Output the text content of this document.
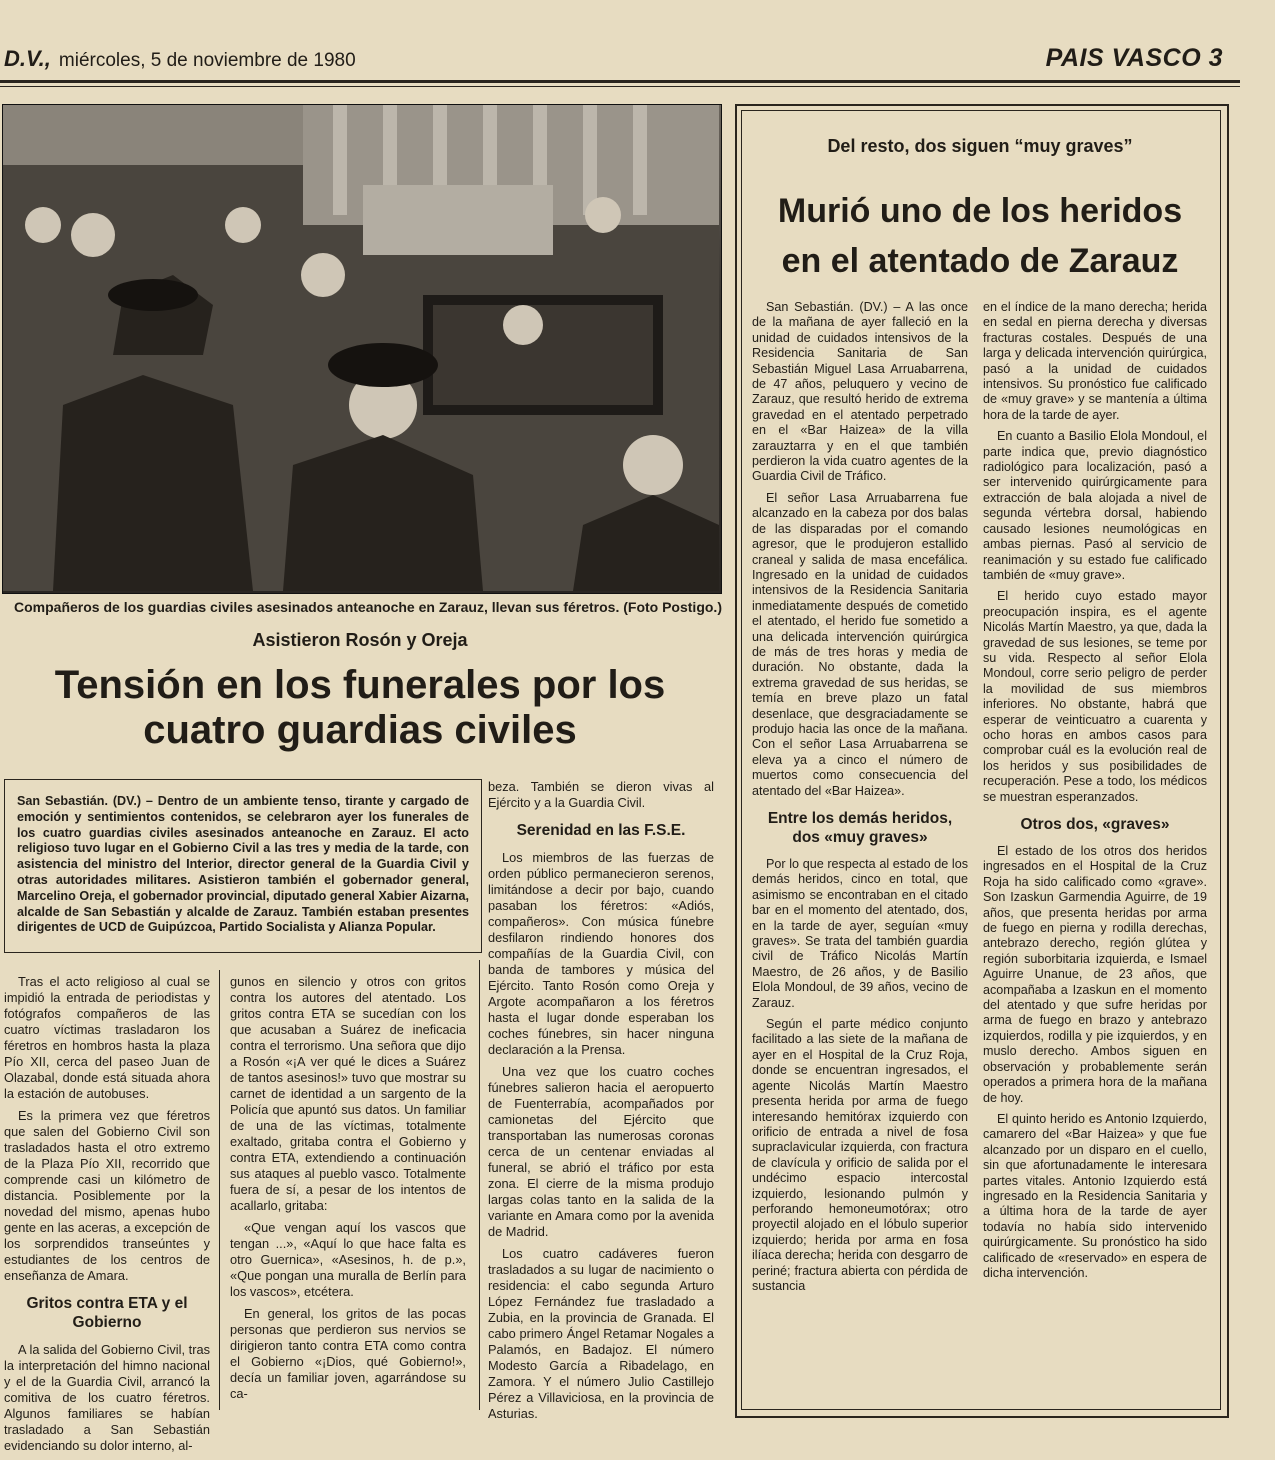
D.V., miércoles, 5 de noviembre de 1980	PAIS VASCO 3
Compañeros de los guardias civiles asesinados anteanoche en Zarauz, llevan sus féretros. (Foto Postigo.)
Asistieron Rosón y Oreja
Tensión en los funerales por los
cuatro guardias civiles
San Sebastián. (DV.) – Dentro de un ambiente tenso, tirante y cargado de emoción y sentimientos contenidos, se celebraron ayer los funerales de los cuatro guardias civiles asesinados anteanoche en Zarauz. El acto religioso tuvo lugar en el Gobierno Civil a las tres y media de la tarde, con asistencia del ministro del Interior, director general de la Guardia Civil y otras autoridades militares. Asistieron también el gobernador general, Marcelino Oreja, el gobernador provincial, diputado general Xabier Aizarna, alcalde de San Sebastián y alcalde de Zarauz. También estaban presentes dirigentes de UCD de Guipúzcoa, Partido Socialista y Alianza Popular.

Tras el acto religioso al cual se impidió la entrada de periodistas y fotógrafos compañeros de las cuatro víctimas trasladaron los féretros en hombros hasta la plaza Pío XII, cerca del paseo Juan de Olazabal, donde está situada ahora la estación de autobuses.

Es la primera vez que féretros que salen del Gobierno Civil son trasladados hasta el otro extremo de la Plaza Pío XII, recorrido que comprende casi un kilómetro de distancia. Posiblemente por la novedad del mismo, apenas hubo gente en las aceras, a excepción de los sorprendidos transeúntes y estudiantes de los centros de enseñanza de Amara.

Gritos contra ETA y el Gobierno

A la salida del Gobierno Civil, tras la interpretación del himno nacional y el de la Guardia Civil, arrancó la comitiva de los cuatro féretros. Algunos familiares se habían trasladado a San Sebastián evidenciando su dolor interno, al-

gunos en silencio y otros con gritos contra los autores del atentado. Los gritos contra ETA se sucedían con los que acusaban a Suárez de ineficacia contra el terrorismo. Una señora que dijo a Rosón «¡A ver qué le dices a Suárez de tantos asesinos!» tuvo que mostrar su carnet de identidad a un sargento de la Policía que apuntó sus datos. Un familiar de una de las víctimas, totalmente exaltado, gritaba contra el Gobierno y contra ETA, extendiendo a continuación sus ataques al pueblo vasco. Totalmente fuera de sí, a pesar de los intentos de acallarlo, gritaba:

«Que vengan aquí los vascos que tengan ...», «Aquí lo que hace falta es otro Guernica», «Asesinos, h. de p.», «Que pongan una muralla de Berlín para los vascos», etcétera.

En general, los gritos de las pocas personas que perdieron sus nervios se dirigieron tanto contra ETA como contra el Gobierno «¡Dios, qué Gobierno!», decía un familiar joven, agarrándose su ca-

beza. También se dieron vivas al Ejército y a la Guardia Civil.

Serenidad en las F.S.E.

Los miembros de las fuerzas de orden público permanecieron serenos, limitándose a decir por bajo, cuando pasaban los féretros: «Adiós, compañeros». Con música fúnebre desfilaron rindiendo honores dos compañías de la Guardia Civil, con banda de tambores y música del Ejército. Tanto Rosón como Oreja y Argote acompañaron a los féretros hasta el lugar donde esperaban los coches fúnebres, sin hacer ninguna declaración a la Prensa.

Una vez que los cuatro coches fúnebres salieron hacia el aeropuerto de Fuenterrabía, acompañados por camionetas del Ejército que transportaban las numerosas coronas cerca de un centenar enviadas al funeral, se abrió el tráfico por esta zona. El cierre de la misma produjo largas colas tanto en la salida de la variante en Amara como por la avenida de Madrid.

Los cuatro cadáveres fueron trasladados a su lugar de nacimiento o residencia: el cabo segunda Arturo López Fernández fue trasladado a Zubia, en la provincia de Granada. El cabo primero Ángel Retamar Nogales a Palamós, en Badajoz. El número Modesto García a Ribadelago, en Zamora. Y el número Julio Castillejo Pérez a Villaviciosa, en la provincia de Asturias.

Del resto, dos siguen “muy graves”
Murió uno de los heridos
en el atentado de Zarauz

San Sebastián. (DV.) – A las once de la mañana de ayer falleció en la unidad de cuidados intensivos de la Residencia Sanitaria de San Sebastián Miguel Lasa Arruabarrena, de 47 años, peluquero y vecino de Zarauz, que resultó herido de extrema gravedad en el atentado perpetrado en el «Bar Haizea» de la villa zarauztarra y en el que también perdieron la vida cuatro agentes de la Guardia Civil de Tráfico.

El señor Lasa Arruabarrena fue alcanzado en la cabeza por dos balas de las disparadas por el comando agresor, que le produjeron estallido craneal y salida de masa encefálica. Ingresado en la unidad de cuidados intensivos de la Residencia Sanitaria inmediatamente después de cometido el atentado, el herido fue sometido a una delicada intervención quirúrgica de más de tres horas y media de duración. No obstante, dada la extrema gravedad de sus heridas, se temía en breve plazo un fatal desenlace, que desgraciadamente se produjo hacia las once de la mañana. Con el señor Lasa Arruabarrena se eleva ya a cinco el número de muertos como consecuencia del atentado del «Bar Haizea».

Entre los demás heridos, dos «muy graves»

Por lo que respecta al estado de los demás heridos, cinco en total, que asimismo se encontraban en el citado bar en el momento del atentado, dos, en la tarde de ayer, seguían «muy graves». Se trata del también guardia civil de Tráfico Nicolás Martín Maestro, de 26 años, y de Basilio Elola Mondoul, de 39 años, vecino de Zarauz.

Según el parte médico conjunto facilitado a las siete de la mañana de ayer en el Hospital de la Cruz Roja, donde se encuentran ingresados, el agente Nicolás Martín Maestro presenta herida por arma de fuego interesando hemitórax izquierdo con orificio de entrada a nivel de fosa supraclavicular izquierda, con fractura de clavícula y orificio de salida por el undécimo espacio intercostal izquierdo, lesionando pulmón y perforando hemoneumotórax; otro proyectil alojado en el lóbulo superior izquierdo; herida por arma en fosa ilíaca derecha; herida con desgarro de periné; fractura abierta con pérdida de sustancia

en el índice de la mano derecha; herida en sedal en pierna derecha y diversas fracturas costales. Después de una larga y delicada intervención quirúrgica, pasó a la unidad de cuidados intensivos. Su pronóstico fue calificado de «muy grave» y se mantenía a última hora de la tarde de ayer.

En cuanto a Basilio Elola Mondoul, el parte indica que, previo diagnóstico radiológico para localización, pasó a ser intervenido quirúrgicamente para extracción de bala alojada a nivel de segunda vértebra dorsal, habiendo causado lesiones neumológicas en ambas piernas. Pasó al servicio de reanimación y su estado fue calificado también de «muy grave».

El herido cuyo estado mayor preocupación inspira, es el agente Nicolás Martín Maestro, ya que, dada la gravedad de sus lesiones, se teme por su vida. Respecto al señor Elola Mondoul, corre serio peligro de perder la movilidad de sus miembros inferiores. No obstante, habrá que esperar de veinticuatro a cuarenta y ocho horas en ambos casos para comprobar cuál es la evolución real de los heridos y sus posibilidades de recuperación. Pese a todo, los médicos se muestran esperanzados.

Otros dos, «graves»

El estado de los otros dos heridos ingresados en el Hospital de la Cruz Roja ha sido calificado como «grave». Son Izaskun Garmendia Aguirre, de 19 años, que presenta heridas por arma de fuego en pierna y rodilla derechas, antebrazo derecho, región glútea y región suborbitaria izquierda, e Ismael Aguirre Unanue, de 23 años, que acompañaba a Izaskun en el momento del atentado y que sufre heridas por arma de fuego en brazo y antebrazo izquierdos, rodilla y pie izquierdos, y en muslo derecho. Ambos siguen en observación y probablemente serán operados a primera hora de la mañana de hoy.

El quinto herido es Antonio Izquierdo, camarero del «Bar Haizea» y que fue alcanzado por un disparo en el cuello, sin que afortunadamente le interesara partes vitales. Antonio Izquierdo está ingresado en la Residencia Sanitaria y a última hora de la tarde de ayer todavía no había sido intervenido quirúrgicamente. Su pronóstico ha sido calificado de «reservado» en espera de dicha intervención.
